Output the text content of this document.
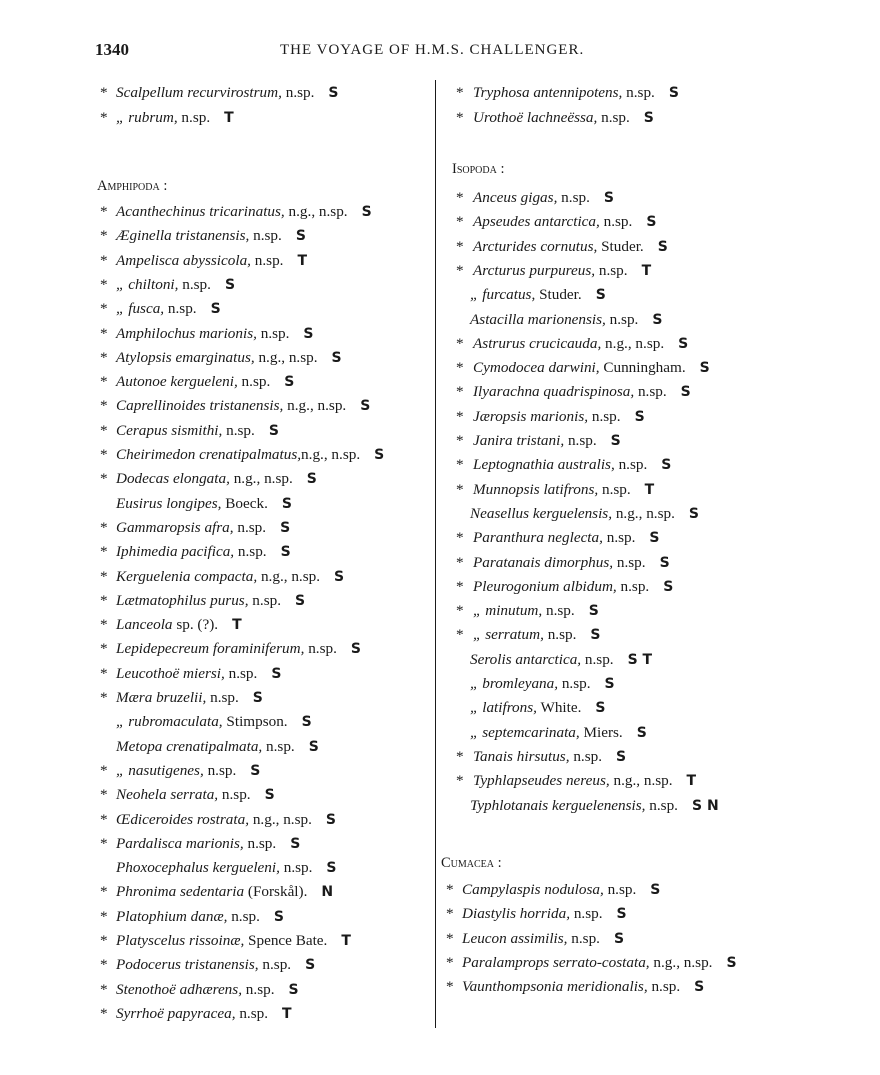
1340	THE VOYAGE OF H.M.S. CHALLENGER.
* Scalpellum recurvirostrum, n.sp. S
* „ rubrum, n.sp. T
Amphipoda :
* Acanthechinus tricarinatus, n.g., n.sp. S
* Æginella tristanensis, n.sp. S
* Ampelisca abyssicola, n.sp. T
* „ chiltoni, n.sp. S
* „ fusca, n.sp. S
* Amphilochus marionis, n.sp. S
* Atylopsis emarginatus, n.g., n.sp. S
* Autonoe kergueleni, n.sp. S
* Caprellinoides tristanensis, n.g., n.sp. S
* Cerapus sismithi, n.sp. S
* Cheirimedon crenatipalmatus,n.g., n.sp. S
* Dodecas elongata, n.g., n.sp. S
Eusirus longipes, Boeck. S
* Gammaropsis afra, n.sp. S
* Iphimedia pacifica, n.sp. S
* Kerguelenia compacta, n.g., n.sp. S
* Lætmatophilus purus, n.sp. S
* Lanceola sp. (?). T
* Lepidepecreum foraminiferum, n.sp. S
* Leucothoë miersi, n.sp. S
* Mæra bruzelii, n.sp. S
„ rubromaculata, Stimpson. S
Metopa crenatipalmata, n.sp. S
* „ nasutigenes, n.sp. S
* Neohela serrata, n.sp. S
* Œdiceroides rostrata, n.g., n.sp. S
* Pardalisca marionis, n.sp. S
Phoxocephalus kergueleni, n.sp. S
* Phronima sedentaria (Forskål). N
* Platophium danæ, n.sp. S
* Platyscelus rissoinæ, Spence Bate. T
* Podocerus tristanensis, n.sp. S
* Stenothoë adhærens, n.sp. S
* Syrrhoë papyracea, n.sp. T
* Tryphosa antennipotens, n.sp. S
* Urothoë lachneëssa, n.sp. S
Isopoda :
* Anceus gigas, n.sp. S
* Apseudes antarctica, n.sp. S
* Arcturides cornutus, Studer. S
* Arcturus purpureus, n.sp. T
„ furcatus, Studer. S
Astacilla marionensis, n.sp. S
* Astrurus crucicauda, n.g., n.sp. S
* Cymodocea darwini, Cunningham. S
* Ilyarachna quadrispinosa, n.sp. S
* Jæropsis marionis, n.sp. S
* Janira tristani, n.sp. S
* Leptognathia australis, n.sp. S
* Munnopsis latifrons, n.sp. T
Neasellus kerguelensis, n.g., n.sp. S
* Paranthura neglecta, n.sp. S
* Paratanais dimorphus, n.sp. S
* Pleurogonium albidum, n.sp. S
* „ minutum, n.sp. S
* „ serratum, n.sp. S
Serolis antarctica, n.sp. S T
„ bromleyana, n.sp. S
„ latifrons, White. S
„ septemcarinata, Miers. S
* Tanais hirsutus, n.sp. S
* Typhlapseudes nereus, n.g., n.sp. T
Typhlotanais kerguelenensis, n.sp. S N
Cumacea :
* Campylaspis nodulosa, n.sp. S
* Diastylis horrida, n.sp. S
* Leucon assimilis, n.sp. S
* Paralamprops serrato-costata, n.g., n.sp. S
* Vaunthompsonia meridionalis, n.sp. S
